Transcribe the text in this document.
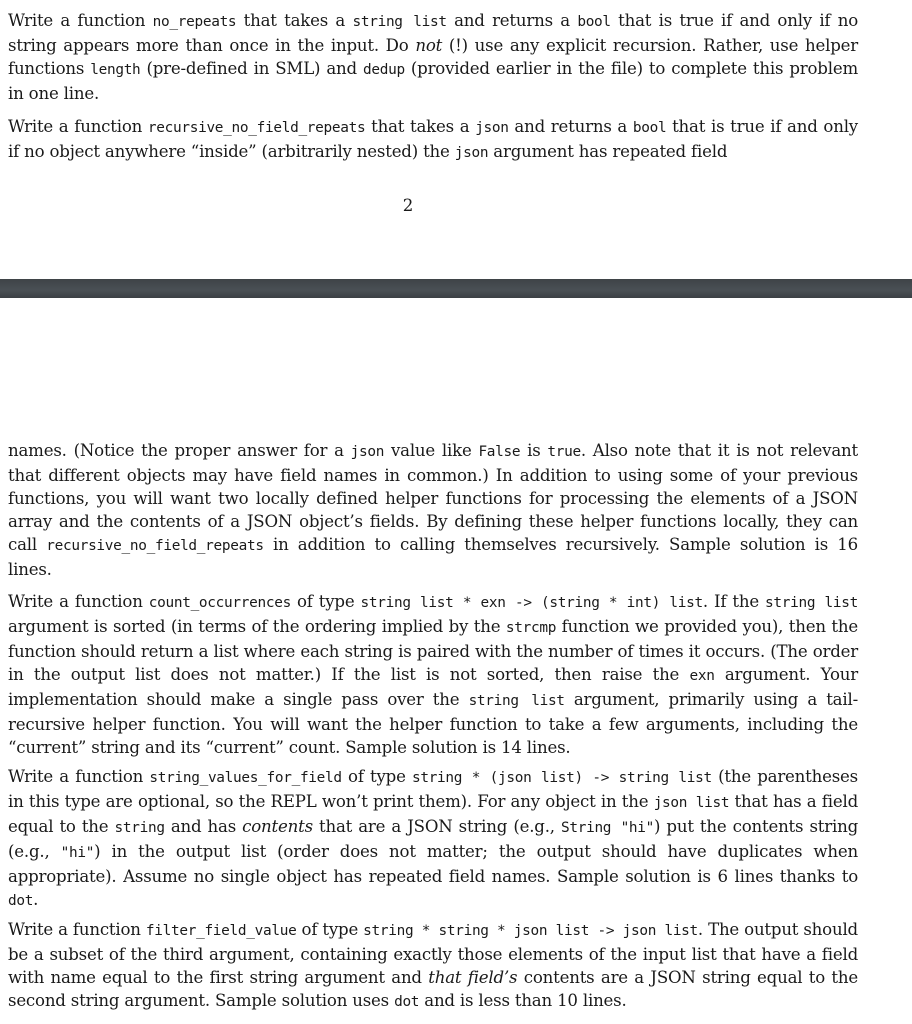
Write a function no_repeats that takes a string list and returns a bool that is true if and only if no string appears more than once in the input. Do not (!) use any explicit recursion. Rather, use helper functions length (pre-defined in SML) and dedup (provided earlier in the file) to complete this problem in one line.

Write a function recursive_no_field_repeats that takes a json and returns a bool that is true if and only if no object anywhere “inside” (arbitrarily nested) the json argument has repeated field

2

names. (Notice the proper answer for a json value like False is true. Also note that it is not relevant that different objects may have field names in common.) In addition to using some of your previous functions, you will want two locally defined helper functions for processing the elements of a JSON array and the contents of a JSON object’s fields. By defining these helper functions locally, they can call recursive_no_field_repeats in addition to calling themselves recursively. Sample solution is 16 lines.

Write a function count_occurrences of type string list * exn -> (string * int) list. If the string list argument is sorted (in terms of the ordering implied by the strcmp function we provided you), then the function should return a list where each string is paired with the number of times it occurs. (The order in the output list does not matter.) If the list is not sorted, then raise the exn argument. Your implementation should make a single pass over the string list argument, primarily using a tail-recursive helper function. You will want the helper function to take a few arguments, including the “current” string and its “current” count. Sample solution is 14 lines.

Write a function string_values_for_field of type string * (json list) -> string list (the parentheses in this type are optional, so the REPL won’t print them). For any object in the json list that has a field equal to the string and has contents that are a JSON string (e.g., String "hi") put the contents string (e.g., "hi") in the output list (order does not matter; the output should have duplicates when appropriate). Assume no single object has repeated field names. Sample solution is 6 lines thanks to dot.

Write a function filter_field_value of type string * string * json list -> json list. The output should be a subset of the third argument, containing exactly those elements of the input list that have a field with name equal to the first string argument and that field’s contents are a JSON string equal to the second string argument. Sample solution uses dot and is less than 10 lines.
